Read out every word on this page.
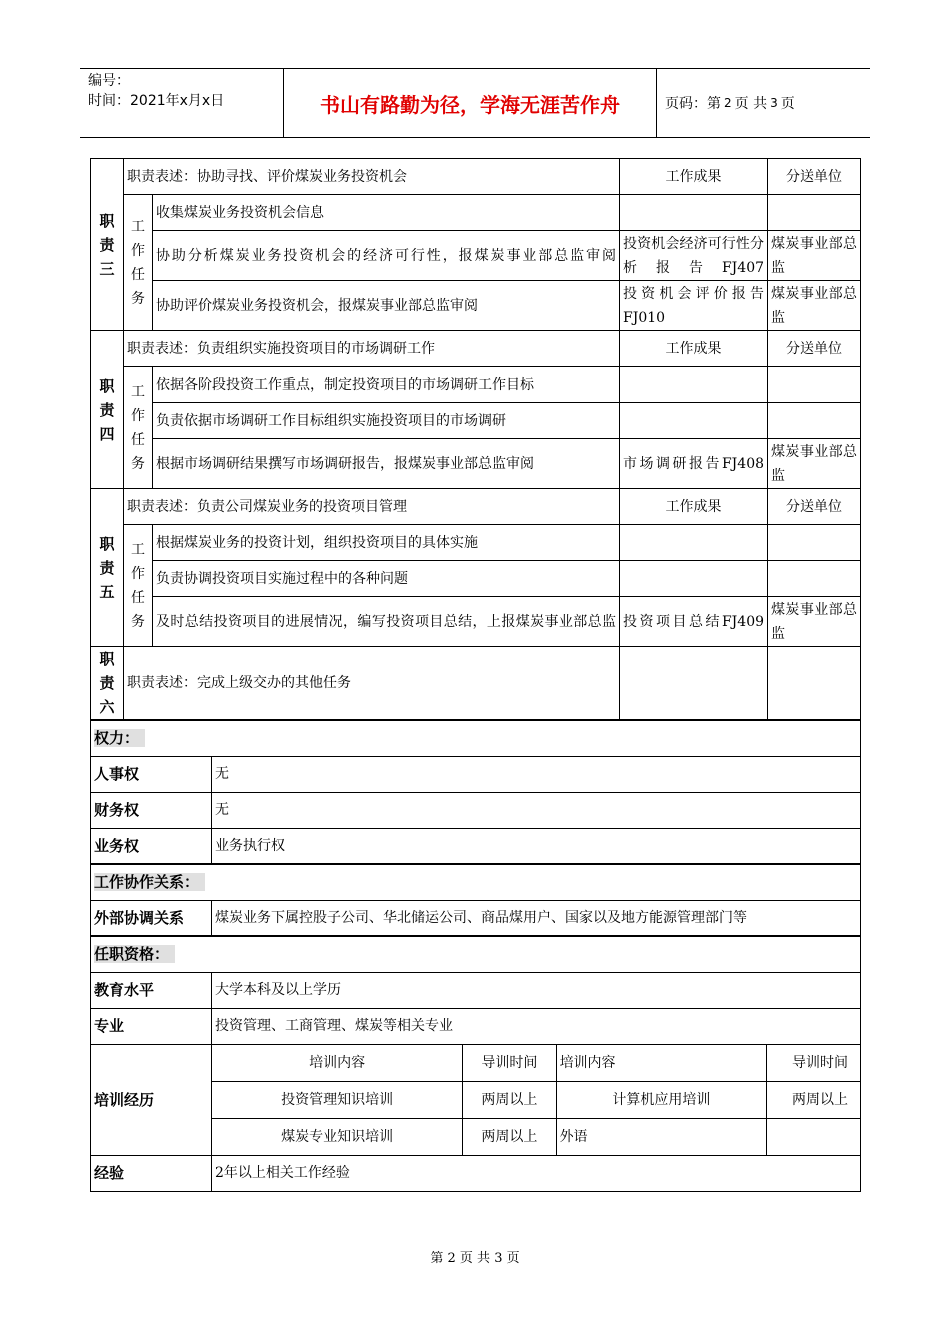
编号：
时间：2021年x月x日	书山有路勤为径，学海无涯苦作舟	页码：第 2 页 共 3 页
职责三	职责表述：协助寻找、评价煤炭业务投资机会	工作成果	分送单位
工作任务	收集煤炭业务投资机会信息		
协助分析煤炭业务投资机会的经济可行性，报煤炭事业部总监审阅	投资机会经济可行性分析报告FJ407	煤炭事业部总监
协助评价煤炭业务投资机会，报煤炭事业部总监审阅	投资机会评价报告FJ010	煤炭事业部总监
职责四	职责表述：负责组织实施投资项目的市场调研工作	工作成果	分送单位
工作任务	依据各阶段投资工作重点，制定投资项目的市场调研工作目标		
负责依据市场调研工作目标组织实施投资项目的市场调研		
根据市场调研结果撰写市场调研报告，报煤炭事业部总监审阅	市场调研报告FJ408	煤炭事业部总监
职责五	职责表述：负责公司煤炭业务的投资项目管理	工作成果	分送单位
工作任务	根据煤炭业务的投资计划，组织投资项目的具体实施		
负责协调投资项目实施过程中的各种问题		
及时总结投资项目的进展情况，编写投资项目总结，上报煤炭事业部总监	投资项目总结FJ409	煤炭事业部总监
职责六	职责表述：完成上级交办的其他任务		
权力：
人事权	无
财务权	无
业务权	业务执行权
工作协作关系：
外部协调关系	煤炭业务下属控股子公司、华北储运公司、商品煤用户、国家以及地方能源管理部门等
任职资格：
教育水平	大学本科及以上学历
专业	投资管理、工商管理、煤炭等相关专业
培训经历	
培训内容	导训时间	培训内容	导训时间

投资管理知识培训	两周以上	计算机应用培训	两周以上

煤炭专业知识培训	两周以上	外语	

经验	2年以上相关工作经验
第 2 页 共 3 页
